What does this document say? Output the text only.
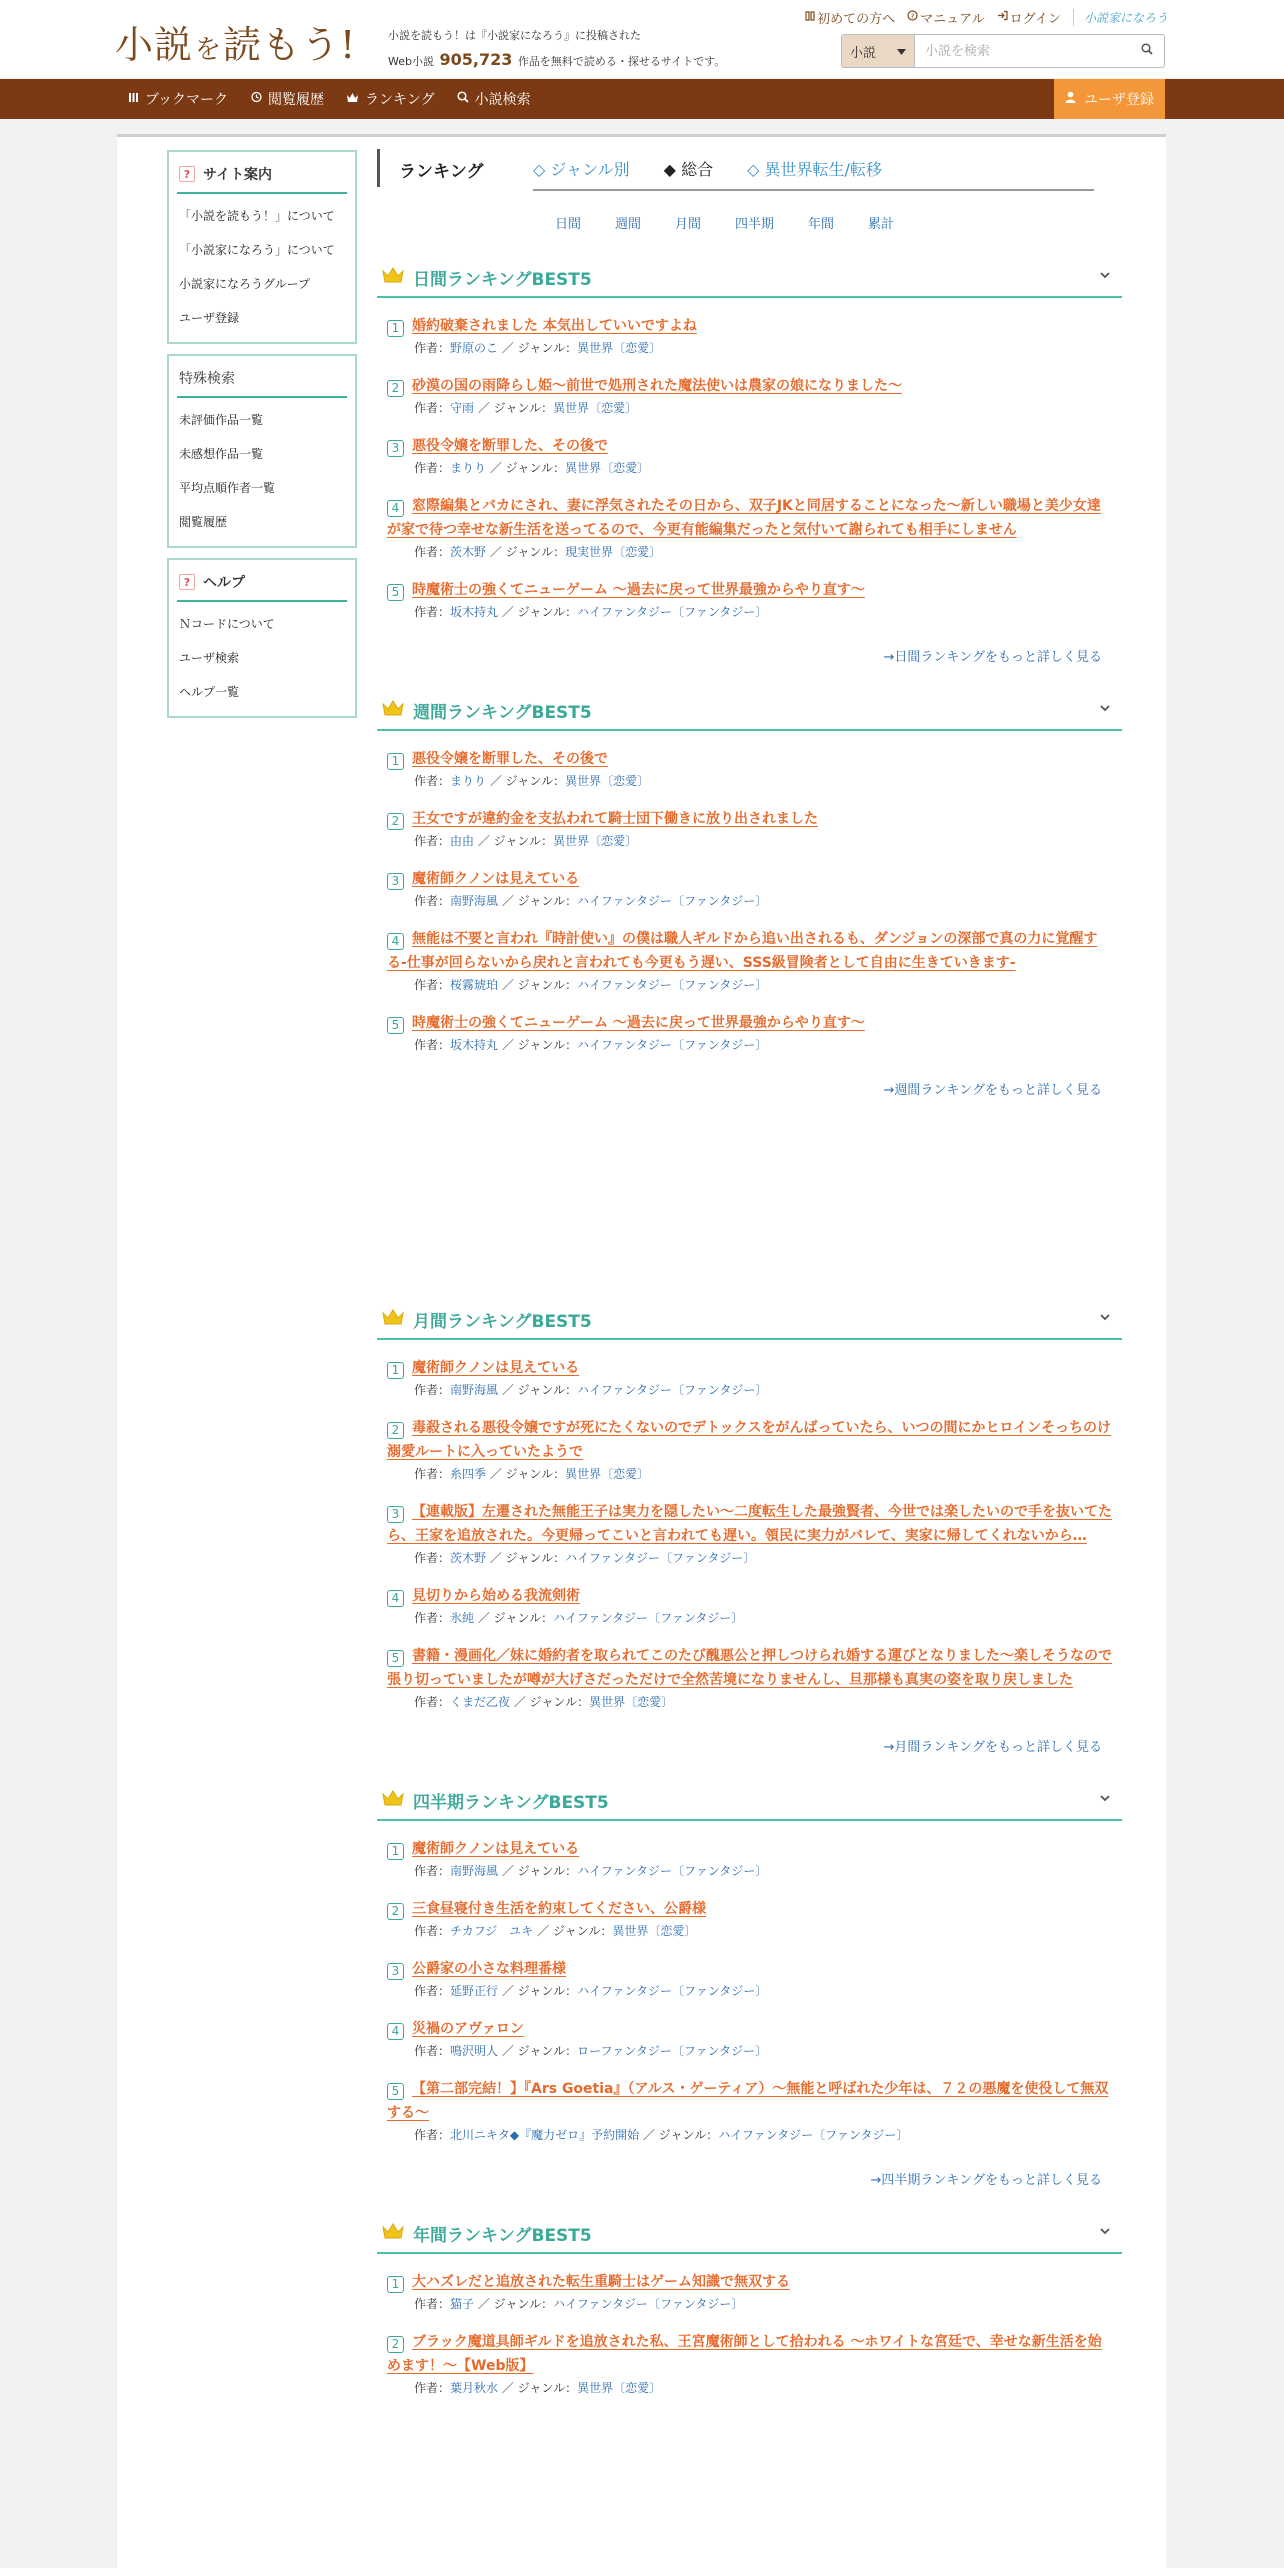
小説 を 読もう!	小説を読もう！は『小説家になろう』に投稿された
Web小説 905,723 作品を無料で読める・探せるサイトです。
初めての方へ ? マニュアル ログイン	小説家になろう
小説
小説を検索
ブックマーク	閲覧履歴	ランキング	小説検索	ユーザ登録
? サイト案内
「小説を読もう！」について
「小説家になろう」について
小説家になろうグループ
ユーザ登録
特殊検索
未評価作品一覧
未感想作品一覧
平均点順作者一覧
閲覧履歴
? ヘルプ
Ｎコードについて
ユーザ検索
ヘルプ一覧
ランキング	◇ ジャンル別 ◆ 総合 ◇ 異世界転生/転移
日間	週間	月間	四半期	年間	累計
日間ランキングBEST5
1 婚約破棄されました 本気出していいですよね
作者：野原のこ ／ ジャンル：異世界〔恋愛〕
2 砂漠の国の雨降らし姫～前世で処刑された魔法使いは農家の娘になりました～
作者：守雨 ／ ジャンル：異世界〔恋愛〕
3 悪役令嬢を断罪した、その後で
作者：まりり ／ ジャンル：異世界〔恋愛〕
4 窓際編集とバカにされ、妻に浮気されたその日から、双子JKと同居することになった〜新しい職場と美少女達が家で待つ幸せな新生活を送ってるので、今更有能編集だったと気付いて謝られても相手にしません
作者：茨木野 ／ ジャンル：現実世界〔恋愛〕
5 時魔術士の強くてニューゲーム ～過去に戻って世界最強からやり直す～
作者：坂木持丸 ／ ジャンル：ハイファンタジー〔ファンタジー〕
→日間ランキングをもっと詳しく見る
週間ランキングBEST5
1 悪役令嬢を断罪した、その後で
作者：まりり ／ ジャンル：異世界〔恋愛〕
2 王女ですが違約金を支払われて騎士団下働きに放り出されました
作者：由由 ／ ジャンル：異世界〔恋愛〕
3 魔術師クノンは見えている
作者：南野海風 ／ ジャンル：ハイファンタジー〔ファンタジー〕
4 無能は不要と言われ『時計使い』の僕は職人ギルドから追い出されるも、ダンジョンの深部で真の力に覚醒する-仕事が回らないから戻れと言われても今更もう遅い、SSS級冒険者として自由に生きていきます-
作者：桜霧琥珀 ／ ジャンル：ハイファンタジー〔ファンタジー〕
5 時魔術士の強くてニューゲーム ～過去に戻って世界最強からやり直す～
作者：坂木持丸 ／ ジャンル：ハイファンタジー〔ファンタジー〕
→週間ランキングをもっと詳しく見る
月間ランキングBEST5
1 魔術師クノンは見えている
作者：南野海風 ／ ジャンル：ハイファンタジー〔ファンタジー〕
2 毒殺される悪役令嬢ですが死にたくないのでデトックスをがんばっていたら、いつの間にかヒロインそっちのけ溺愛ルートに入っていたようで
作者：糸四季 ／ ジャンル：異世界〔恋愛〕
3 【連載版】左遷された無能王子は実力を隠したい～二度転生した最強賢者、今世では楽したいので手を抜いてたら、王家を追放された。今更帰ってこいと言われても遅い。領民に実力がバレて、実家に帰してくれないから…
作者：茨木野 ／ ジャンル：ハイファンタジー〔ファンタジー〕
4 見切りから始める我流剣術
作者：氷純 ／ ジャンル：ハイファンタジー〔ファンタジー〕
5 書籍・漫画化／妹に婚約者を取られてこのたび醜悪公と押しつけられ婚する運びとなりました～楽しそうなので張り切っていましたが噂が大げさだっただけで全然苦境になりませんし、旦那様も真実の姿を取り戻しました
作者：くまだ乙夜 ／ ジャンル：異世界〔恋愛〕
→月間ランキングをもっと詳しく見る
四半期ランキングBEST5
1 魔術師クノンは見えている
作者：南野海風 ／ ジャンル：ハイファンタジー〔ファンタジー〕
2 三食昼寝付き生活を約束してください、公爵様
作者：チカフジ　ユキ ／ ジャンル：異世界〔恋愛〕
3 公爵家の小さな料理番様
作者：延野正行 ／ ジャンル：ハイファンタジー〔ファンタジー〕
4 災禍のアヴァロン
作者：鳴沢明人 ／ ジャンル：ローファンタジー〔ファンタジー〕
5 【第二部完結！】『Ars Goetia』（アルス・ゲーティア）～無能と呼ばれた少年は、７２の悪魔を使役して無双する～
作者：北川ニキタ◆『魔力ゼロ』予約開始 ／ ジャンル：ハイファンタジー〔ファンタジー〕
→四半期ランキングをもっと詳しく見る
年間ランキングBEST5
1 大ハズレだと追放された転生重騎士はゲーム知識で無双する
作者：猫子 ／ ジャンル：ハイファンタジー〔ファンタジー〕
2 ブラック魔道具師ギルドを追放された私、王宮魔術師として拾われる ～ホワイトな宮廷で、幸せな新生活を始めます！～【Web版】
作者：葉月秋水 ／ ジャンル：異世界〔恋愛〕
